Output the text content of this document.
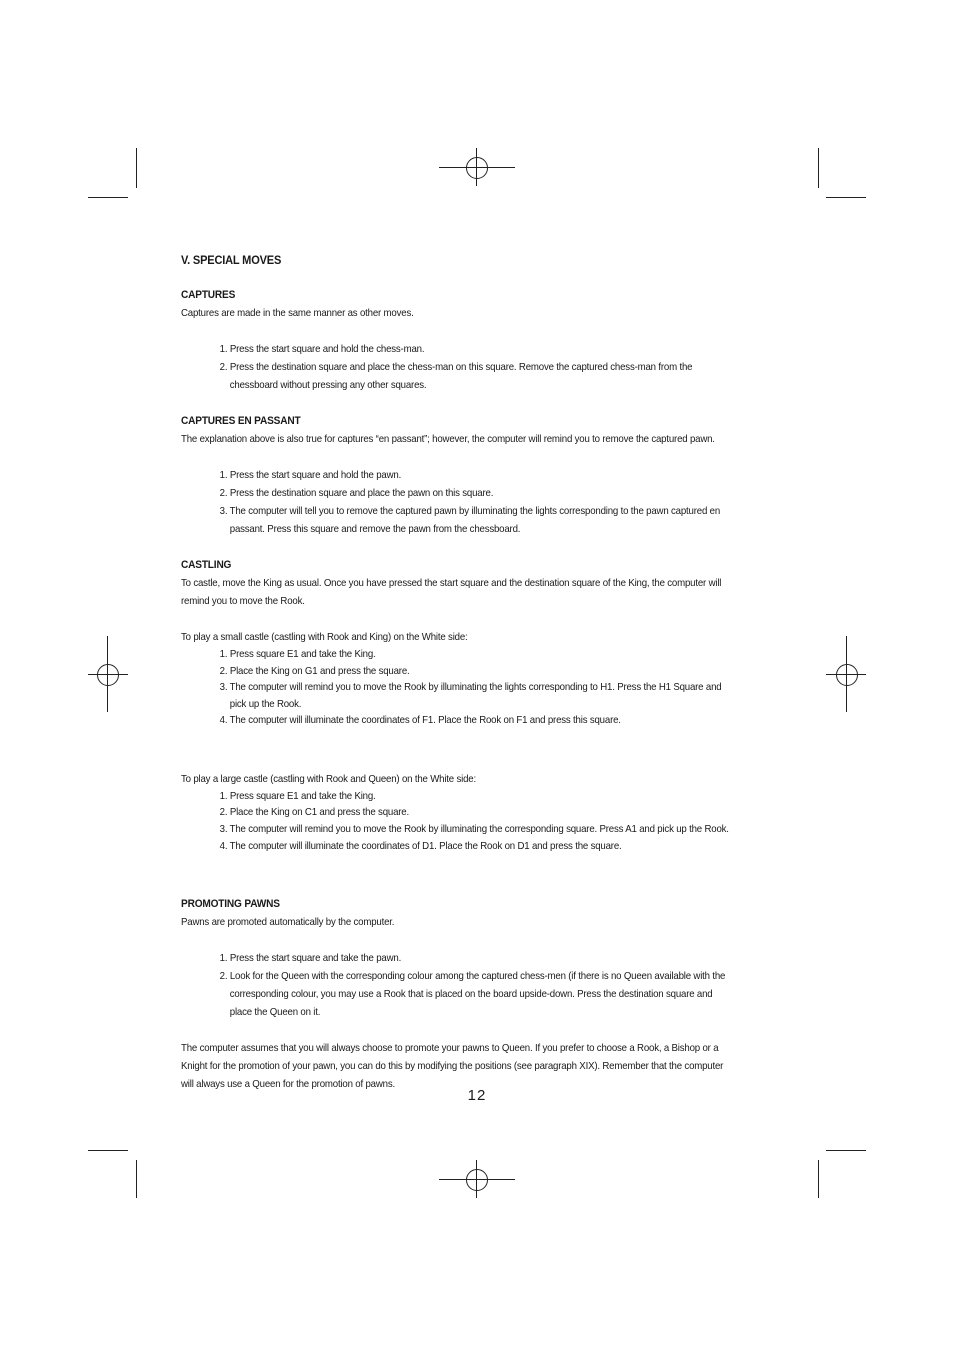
V. SPECIAL MOVES

CAPTURES

Captures are made in the same manner as other moves.

1. Press the start square and hold the chess-man.
2. Press the destination square and place the chess-man on this square. Remove the captured chess-man from the chessboard without pressing any other squares.

CAPTURES EN PASSANT

The explanation above is also true for captures “en passant”; however, the computer will remind you to remove the captured pawn.

1. Press the start square and hold the pawn.
2. Press the destination square and place the pawn on this square.
3. The computer will tell you to remove the captured pawn by illuminating the lights corresponding to the pawn captured en passant. Press this square and remove the pawn from the chessboard.

CASTLING

To castle, move the King as usual. Once you have pressed the start square and the destination square of the King, the computer will remind you to move the Rook.

To play a small castle (castling with Rook and King) on the White side:

1. Press square E1 and take the King.
2. Place the King on G1 and press the square.
3. The computer will remind you to move the Rook by illuminating the lights corresponding to H1. Press the H1 Square and pick up the Rook.
4. The computer will illuminate the coordinates of F1. Place the Rook on F1 and press this square.

To play a large castle (castling with Rook and Queen) on the White side:

1. Press square E1 and take the King.
2. Place the King on C1 and press the square.
3. The computer will remind you to move the Rook by illuminating the corresponding square. Press A1 and pick up the Rook.
4. The computer will illuminate the coordinates of D1. Place the Rook on D1 and press the square.

PROMOTING PAWNS

Pawns are promoted automatically by the computer.

1. Press the start square and take the pawn.
2. Look for the Queen with the corresponding colour among the captured chess-men (if there is no Queen available with the corresponding colour, you may use a Rook that is placed on the board upside-down. Press the destination square and place the Queen on it.

The computer assumes that you will always choose to promote your pawns to Queen. If you prefer to choose a Rook, a Bishop or a Knight for the promotion of your pawn, you can do this by modifying the positions (see paragraph XIX). Remember that the computer will always use a Queen for the promotion of pawns.

12
